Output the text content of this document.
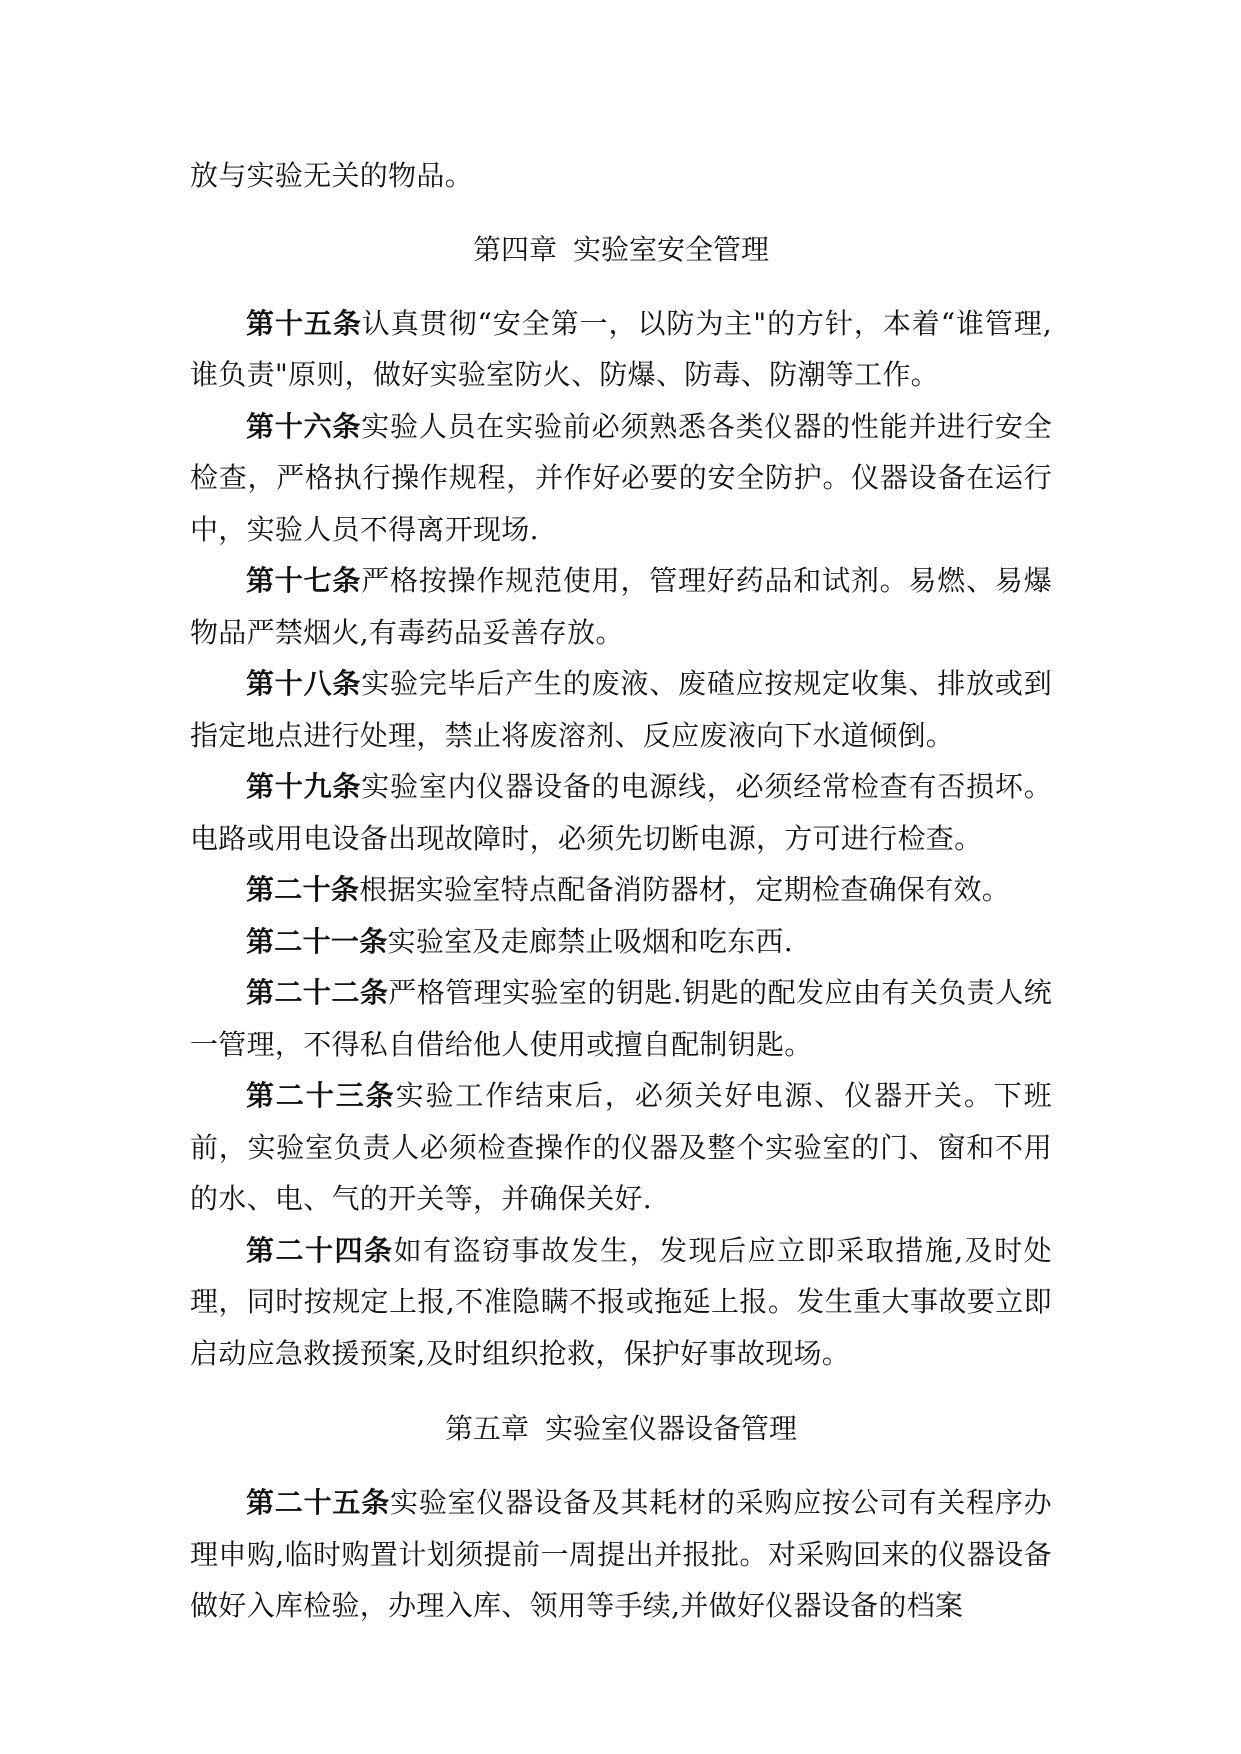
放与实验无关的物品。

第四章 实验室安全管理

第十五条认真贯彻“安全第一，以防为主"的方针，本着“谁管理,谁负责"原则，做好实验室防火、防爆、防毒、防潮等工作。

第十六条实验人员在实验前必须熟悉各类仪器的性能并进行安全检查，严格执行操作规程，并作好必要的安全防护。仪器设备在运行中，实验人员不得离开现场.

第十七条严格按操作规范使用，管理好药品和试剂。易燃、易爆物品严禁烟火,有毒药品妥善存放。

第十八条实验完毕后产生的废液、废碴应按规定收集、排放或到指定地点进行处理，禁止将废溶剂、反应废液向下水道倾倒。

第十九条实验室内仪器设备的电源线，必须经常检查有否损坏。电路或用电设备出现故障时，必须先切断电源，方可进行检查。

第二十条根据实验室特点配备消防器材，定期检查确保有效。

第二十一条实验室及走廊禁止吸烟和吃东西.

第二十二条严格管理实验室的钥匙.钥匙的配发应由有关负责人统一管理，不得私自借给他人使用或擅自配制钥匙。

第二十三条实验工作结束后，必须关好电源、仪器开关。下班前，实验室负责人必须检查操作的仪器及整个实验室的门、窗和不用的水、电、气的开关等，并确保关好.

第二十四条如有盗窃事故发生，发现后应立即采取措施,及时处理，同时按规定上报,不准隐瞒不报或拖延上报。发生重大事故要立即启动应急救援预案,及时组织抢救，保护好事故现场。

第五章 实验室仪器设备管理

第二十五条实验室仪器设备及其耗材的采购应按公司有关程序办理申购,临时购置计划须提前一周提出并报批。对采购回来的仪器设备做好入库检验，办理入库、领用等手续,并做好仪器设备的档案
